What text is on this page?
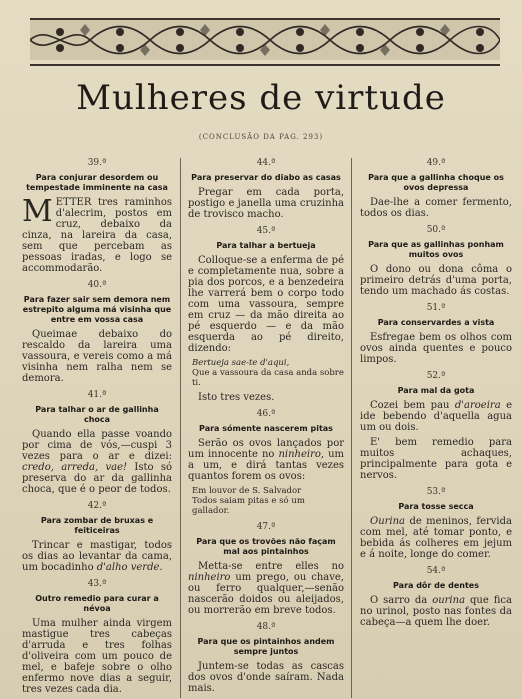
Mulheres de virtude
(CONCLUSÃO DA PAG. 293)
39.ª
Para conjurar desordem ou tempestade imminente na casa
METTER tres raminhos d'alecrim, postos em cruz, debaixo da cinza, na lareira da casa, sem que percebam as pessoas iradas, e logo se accommodarão.
40.ª
Para fazer sair sem demora nem estrepito alguma má visinha que entre em vossa casa
Queimae debaixo do rescaldo da lareira uma vassoura, e vereis como a má visinha nem ralha nem se demora.
41.ª
Para talhar o ar de gallinha choca
Quando ella passe voando por cima de vós,—cuspi 3 vezes para o ar e dizei: credo, arreda, vae! Isto só preserva do ar da gallinha choca, que é o peor de todos.
42.ª
Para zombar de bruxas e feiticeiras
Trincar e mastigar, todos os dias ao levantar da cama, um bocadinho d'alho verde.
43.ª
Outro remedio para curar a névoa
Uma mulher ainda virgem mastigue tres cabeças d'arruda e tres folhas d'oliveira com um pouco de mel, e bafeje sobre o olho enfermo nove dias a seguir, tres vezes cada dia.
44.ª
Para preservar do diabo as casas
Pregar em cada porta, postigo e janella uma cruzinha de trovisco macho.
45.ª
Para talhar a bertueja
Colloque-se a enferma de pé e completamente nua, sobre a pia dos porcos, e a benzedeira lhe varrerá bem o corpo todo com uma vassoura, sempre em cruz — da mão direita ao pé esquerdo — e da mão esquerda ao pé direito, dizendo:
Bertueja sae-te d'aqui,
Que a vassoura da casa anda sobre ti.
Isto tres vezes.
46.ª
Para sómente nascerem pitas
Serão os ovos lançados por um innocente no ninheiro, um a um, e dirá tantas vezes quantos forem os ovos:
Em louvor de S. Salvador
Todos saiam pitas e só um gallador.
47.ª
Para que os trovões não façam mal aos pintainhos
Metta-se entre elles no ninheiro um prego, ou chave, ou ferro qualquer,—senão nascerão doidos ou aleijados, ou morrerão em breve todos.
48.ª
Para que os pintainhos andem sempre juntos
Juntem-se todas as cascas dos ovos d'onde saíram. Nada mais.
49.ª
Para que a gallinha choque os ovos depressa
Dae-lhe a comer fermento, todos os dias.
50.ª
Para que as gallinhas ponham muitos ovos
O dono ou dona côma o primeiro detrás d'uma porta, tendo um machado ás costas.
51.ª
Para conservardes a vista
Esfregae bem os olhos com ovos ainda quentes e pouco limpos.
52.ª
Para mal da gota
Cozei bem pau d'aroeira e ide bebendo d'aquella agua um ou dois.
E' bem remedio para muitos achaques, principalmente para gota e nervos.
53.ª
Para tosse secca
Ourina de meninos, fervida com mel, até tomar ponto, e bebida ás colheres em jejum e á noite, longe do comer.
54.ª
Para dôr de dentes
O sarro da ourina que fica no urinol, posto nas fontes da cabeça—a quem lhe doer.
